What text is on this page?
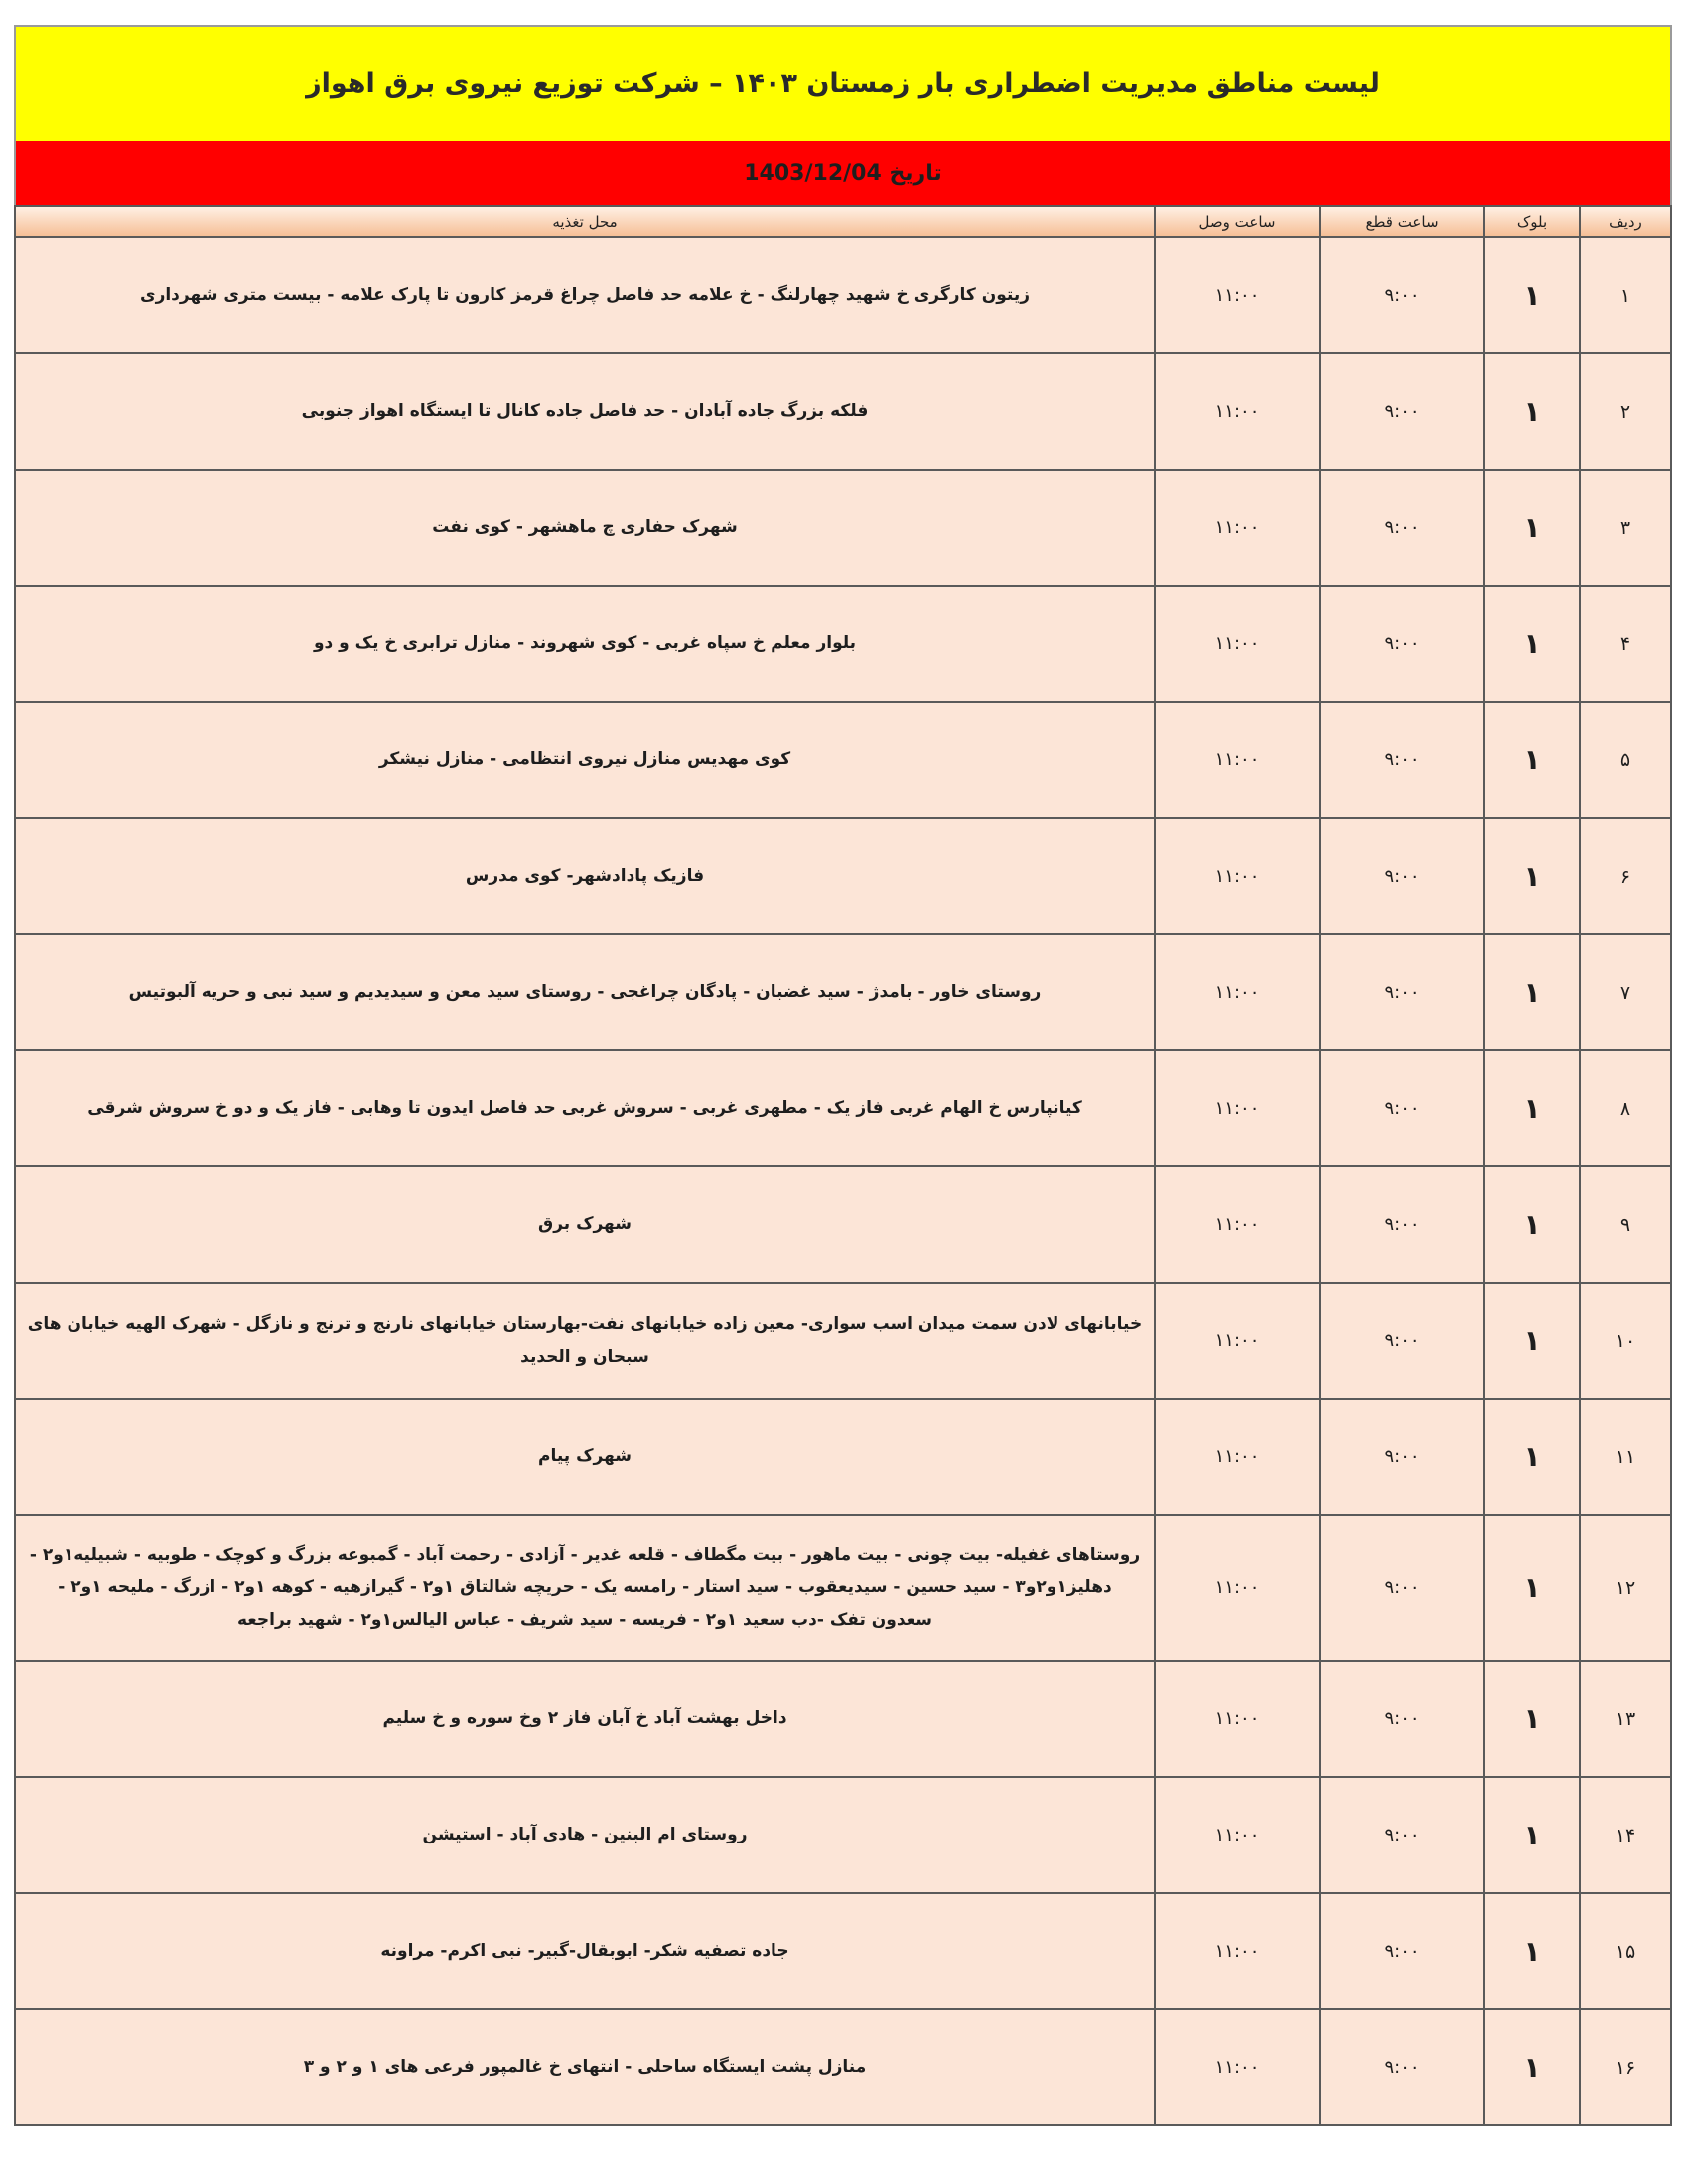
لیست مناطق مدیریت اضطراری بار زمستان ۱۴۰۳ – شرکت توزیع نیروی برق اهواز
تاریخ 1403/12/04
ردیف
بلوک
ساعت قطع
ساعت وصل
محل تغذیه
۱
۱
۹:۰۰
۱۱:۰۰
زیتون کارگری خ شهید چهارلنگ - خ علامه حد فاصل چراغ قرمز کارون تا پارک علامه - بیست متری شهرداری
۲
۱
۹:۰۰
۱۱:۰۰
فلکه بزرگ جاده آبادان - حد فاصل جاده کانال تا ایستگاه اهواز جنوبی
۳
۱
۹:۰۰
۱۱:۰۰
شهرک حفاری چ ماهشهر - کوی نفت
۴
۱
۹:۰۰
۱۱:۰۰
بلوار معلم خ سپاه غربی - کوی شهروند - منازل ترابری خ یک و دو
۵
۱
۹:۰۰
۱۱:۰۰
کوی مهدیس منازل نیروی انتظامی - منازل نیشکر
۶
۱
۹:۰۰
۱۱:۰۰
فازیک پادادشهر- کوی مدرس
۷
۱
۹:۰۰
۱۱:۰۰
روستای خاور - بامدژ - سید غضبان - پادگان چراغجی - روستای سید معن و سیدیدیم و سید نبی و حریه آلبوتیس
۸
۱
۹:۰۰
۱۱:۰۰
کیانپارس خ الهام غربی فاز یک - مطهری غربی - سروش غربی حد فاصل ایدون تا وهابی - فاز یک و دو خ سروش شرقی
۹
۱
۹:۰۰
۱۱:۰۰
شهرک برق
۱۰
۱
۹:۰۰
۱۱:۰۰
خیابانهای لادن سمت میدان اسب سواری- معین زاده خیابانهای نفت-بهارستان خیابانهای نارنج و ترنج و نازگل - شهرک الهیه خیابان های سبحان و الحدید
۱۱
۱
۹:۰۰
۱۱:۰۰
شهرک پیام
۱۲
۱
۹:۰۰
۱۱:۰۰
روستاهای غفیله- بیت چونی - بیت ماهور - بیت مگطاف - قلعه غدیر - آزادی - رحمت آباد - گمبوعه بزرگ و کوچک - طوبیه - شبیلیه۱و۲ - دهلیز۱و۲و۳ - سید حسین - سیدیعقوب - سید استار - رامسه یک - حریچه شالتاق ۱و۲ - گیرازهیه - کوهه ۱و۲ - ازرگ - ملیحه ۱و۲ - سعدون تفک -دب سعید ۱و۲ - فریسه - سید شریف - عباس الیالس۱و۲ - شهید براجعه
۱۳
۱
۹:۰۰
۱۱:۰۰
داخل بهشت آباد خ آبان فاز ۲ وخ سوره و خ سلیم
۱۴
۱
۹:۰۰
۱۱:۰۰
روستای ام البنین - هادی آباد - استیشن
۱۵
۱
۹:۰۰
۱۱:۰۰
جاده تصفیه شکر- ابوبقال-گبیر- نبی اکرم- مراونه
۱۶
۱
۹:۰۰
۱۱:۰۰
منازل پشت ایستگاه ساحلی - انتهای خ غالمپور فرعی های ۱ و ۲ و ۳
